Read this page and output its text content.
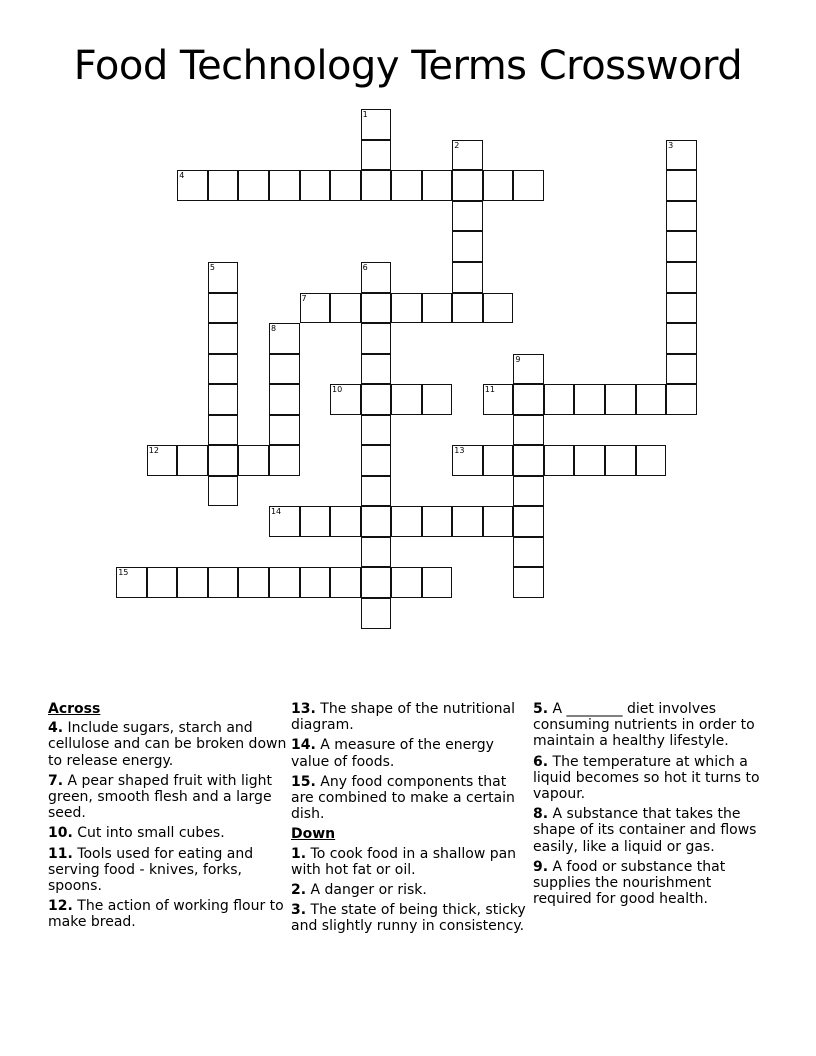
Food Technology Terms Crossword
1
2	3
4
5	6
7
8
9
10	11
12	13
14
15
Across
4. Include sugars, starch and cellulose and can be broken down to release energy.
7. A pear shaped fruit with light green, smooth flesh and a large seed.
10. Cut into small cubes.
11. Tools used for eating and serving food - knives, forks, spoons.
12. The action of working flour to make bread.
13. The shape of the nutritional diagram.
14. A measure of the energy value of foods.
15. Any food components that are combined to make a certain dish.
Down
1. To cook food in a shallow pan with hot fat or oil.
2. A danger or risk.
3. The state of being thick, sticky and slightly runny in consistency.
5. A ________ diet involves consuming nutrients in order to maintain a healthy lifestyle.
6. The temperature at which a liquid becomes so hot it turns to vapour.
8. A substance that takes the shape of its container and flows easily, like a liquid or gas.
9. A food or substance that supplies the nourishment required for good health.
